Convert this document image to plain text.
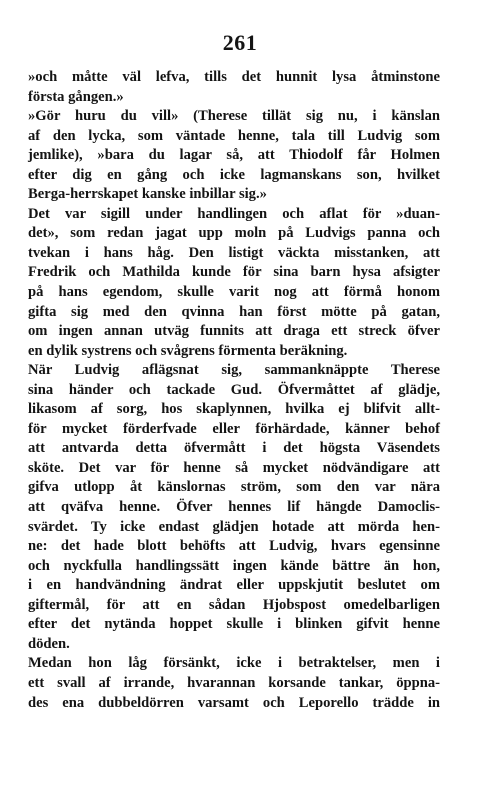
261
»och måtte väl lefva, tills det hunnit lysa åtminstone
första gången.»
»Gör huru du vill» (Therese tillät sig nu, i känslan
af den lycka, som väntade henne, tala till Ludvig som
jemlike), »bara du lagar så, att Thiodolf får Holmen
efter dig en gång och icke lagmanskans son, hvilket
Berga-herrskapet kanske inbillar sig.»
Det var sigill under handlingen och aflat för »duan-
det», som redan jagat upp moln på Ludvigs panna och
tvekan i hans håg. Den listigt väckta misstanken, att
Fredrik och Mathilda kunde för sina barn hysa afsigter
på hans egendom, skulle varit nog att förmå honom
gifta sig med den qvinna han först mötte på gatan,
om ingen annan utväg funnits att draga ett streck öfver
en dylik systrens och svågrens förmenta beräkning.
När Ludvig aflägsnat sig, sammanknäppte Therese
sina händer och tackade Gud. Öfvermåttet af glädje,
likasom af sorg, hos skaplynnen, hvilka ej blifvit allt-
för mycket förderfvade eller förhärdade, känner behof
att antvarda detta öfvermått i det högsta Väsendets
sköte. Det var för henne så mycket nödvändigare att
gifva utlopp åt känslornas ström, som den var nära
att qväfva henne. Öfver hennes lif hängde Damoclis-
svärdet. Ty icke endast glädjen hotade att mörda hen-
ne: det hade blott behöfts att Ludvig, hvars egensinne
och nyckfulla handlingssätt ingen kände bättre än hon,
i en handvändning ändrat eller uppskjutit beslutet om
giftermål, för att en sådan Hjobspost omedelbarligen
efter det nytända hoppet skulle i blinken gifvit henne
döden.
Medan hon låg försänkt, icke i betraktelser, men i
ett svall af irrande, hvarannan korsande tankar, öppna-
des ena dubbeldörren varsamt och Leporello trädde in
